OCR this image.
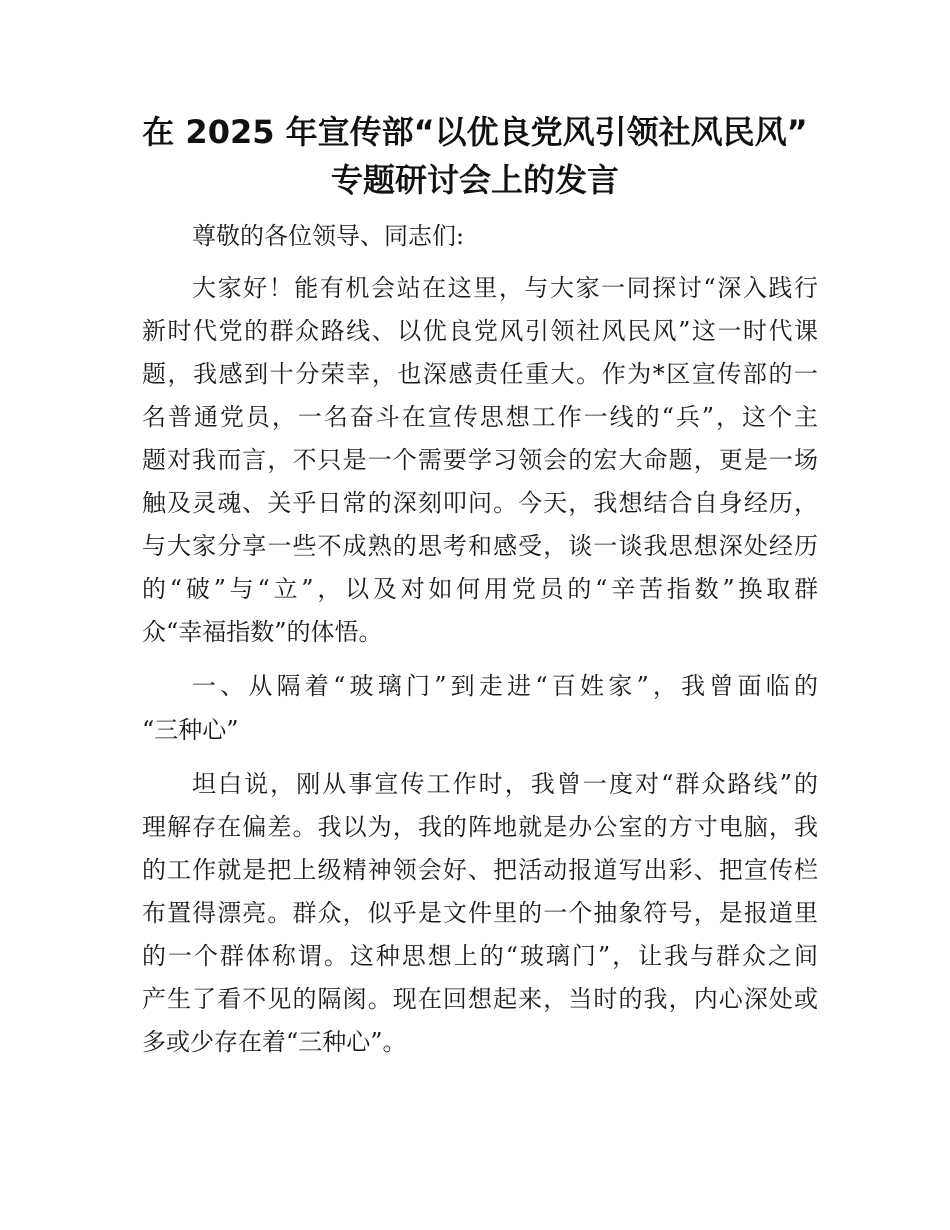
在 2025 年宣传部“以优良党风引领社风民风”
专题研讨会上的发言
尊敬的各位领导、同志们:
大家好！能有机会站在这里，与大家一同探讨“深入践行
新时代党的群众路线、以优良党风引领社风民风”这一时代课
题，我感到十分荣幸，也深感责任重大。作为*区宣传部的一
名普通党员，一名奋斗在宣传思想工作一线的“兵”，这个主
题对我而言，不只是一个需要学习领会的宏大命题，更是一场
触及灵魂、关乎日常的深刻叩问。今天，我想结合自身经历，
与大家分享一些不成熟的思考和感受，谈一谈我思想深处经历
的“破”与“立”，以及对如何用党员的“辛苦指数”换取群
众“幸福指数”的体悟。
一、从隔着“玻璃门”到走进“百姓家”，我曾面临的
“三种心”
坦白说，刚从事宣传工作时，我曾一度对“群众路线”的
理解存在偏差。我以为，我的阵地就是办公室的方寸电脑，我
的工作就是把上级精神领会好、把活动报道写出彩、把宣传栏
布置得漂亮。群众，似乎是文件里的一个抽象符号，是报道里
的一个群体称谓。这种思想上的“玻璃门”，让我与群众之间
产生了看不见的隔阂。现在回想起来，当时的我，内心深处或
多或少存在着“三种心”。
